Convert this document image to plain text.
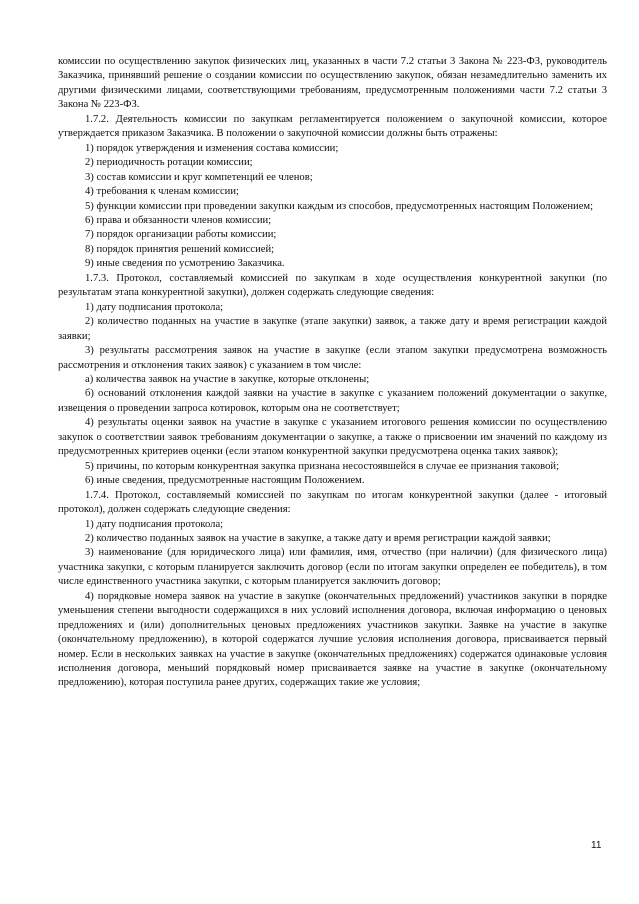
комиссии по осуществлению закупок физических лиц, указанных в части 7.2 статьи 3 Закона № 223-ФЗ, руководитель Заказчика, принявший решение о создании комиссии по осуществлению закупок, обязан незамедлительно заменить их другими физическими лицами, соответствующими требованиям, предусмотренным положениями части 7.2 статьи 3 Закона № 223-ФЗ.

1.7.2. Деятельность комиссии по закупкам регламентируется положением о закупочной комиссии, которое утверждается приказом Заказчика. В положении о закупочной комиссии должны быть отражены:

1) порядок утверждения и изменения состава комиссии;

2) периодичность ротации комиссии;

3) состав комиссии и круг компетенций ее членов;

4) требования к членам комиссии;

5) функции комиссии при проведении закупки каждым из способов, предусмотренных настоящим Положением;

6) права и обязанности членов комиссии;

7) порядок организации работы комиссии;

8) порядок принятия решений комиссией;

9) иные сведения по усмотрению Заказчика.

1.7.3. Протокол, составляемый комиссией по закупкам в ходе осуществления конкурентной закупки (по результатам этапа конкурентной закупки), должен содержать следующие сведения:

1) дату подписания протокола;

2) количество поданных на участие в закупке (этапе закупки) заявок, а также дату и время регистрации каждой заявки;

3) результаты рассмотрения заявок на участие в закупке (если этапом закупки предусмотрена возможность рассмотрения и отклонения таких заявок) с указанием в том числе:

а) количества заявок на участие в закупке, которые отклонены;

б) оснований отклонения каждой заявки на участие в закупке с указанием положений документации о закупке, извещения о проведении запроса котировок, которым она не соответствует;

4) результаты оценки заявок на участие в закупке с указанием итогового решения комиссии по осуществлению закупок о соответствии заявок требованиям документации о закупке, а также о присвоении им значений по каждому из предусмотренных критериев оценки (если этапом конкурентной закупки предусмотрена оценка таких заявок);

5) причины, по которым конкурентная закупка признана несостоявшейся в случае ее признания таковой;

6) иные сведения, предусмотренные настоящим Положением.

1.7.4. Протокол, составляемый комиссией по закупкам по итогам конкурентной закупки (далее - итоговый протокол), должен содержать следующие сведения:

1) дату подписания протокола;

2) количество поданных заявок на участие в закупке, а также дату и время регистрации каждой заявки;

3) наименование (для юридического лица) или фамилия, имя, отчество (при наличии) (для физического лица) участника закупки, с которым планируется заключить договор (если по итогам закупки определен ее победитель), в том числе единственного участника закупки, с которым планируется заключить договор;

4) порядковые номера заявок на участие в закупке (окончательных предложений) участников закупки в порядке уменьшения степени выгодности содержащихся в них условий исполнения договора, включая информацию о ценовых предложениях и (или) дополнительных ценовых предложениях участников закупки. Заявке на участие в закупке (окончательному предложению), в которой содержатся лучшие условия исполнения договора, присваивается первый номер. Если в нескольких заявках на участие в закупке (окончательных предложениях) содержатся одинаковые условия исполнения договора, меньший порядковый номер присваивается заявке на участие в закупке (окончательному предложению), которая поступила ранее других, содержащих такие же условия;

11
